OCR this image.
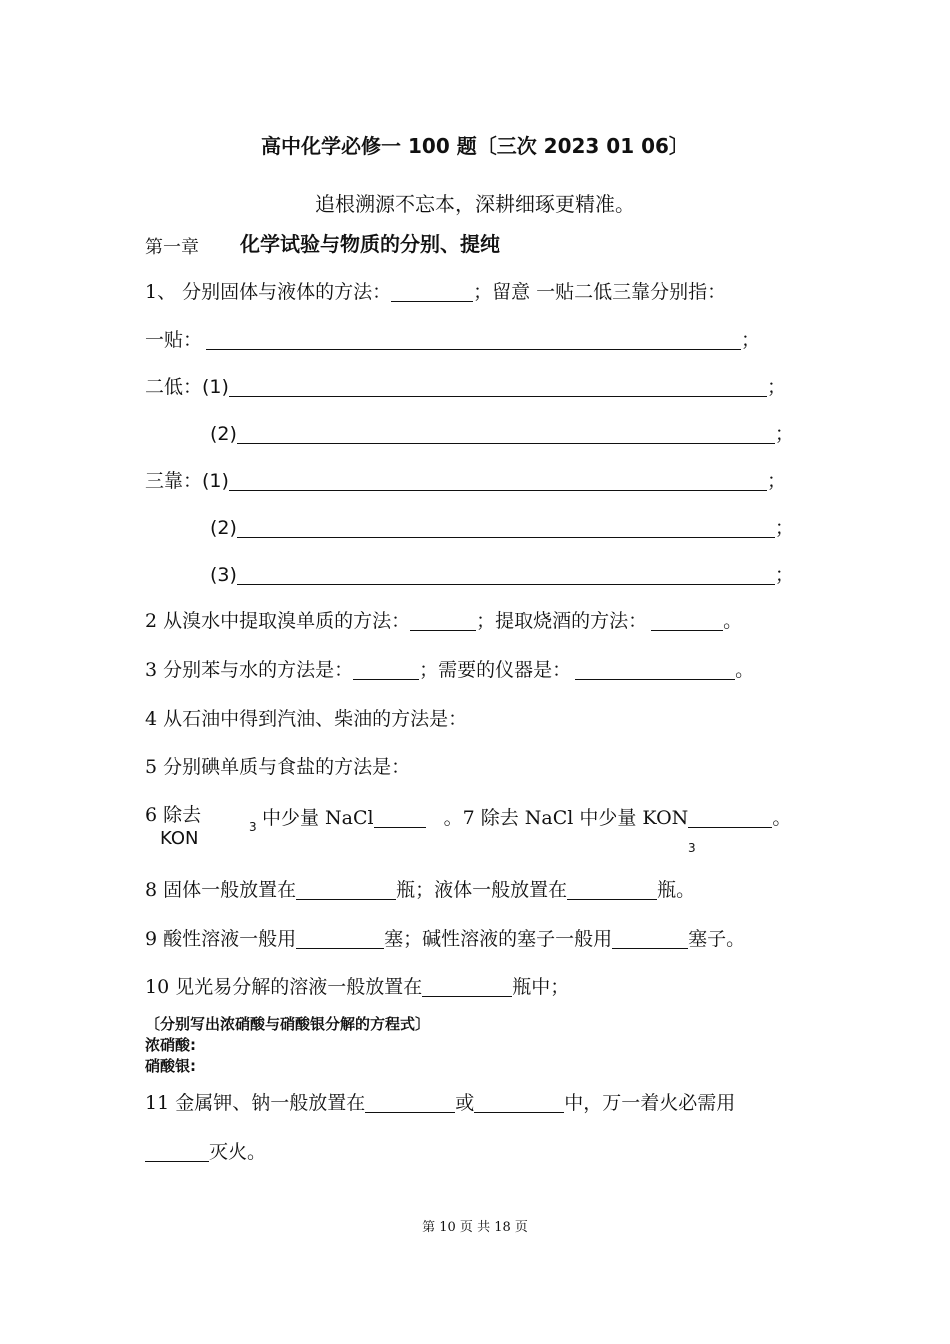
高中化学必修一 100 题〔三次 2023 01 06〕
追根溯源不忘本，深耕细琢更精准。
第一章 化学试验与物质的分别、提纯
1、 分别固体与液体的方法：	；留意 一贴二低三靠分别指：
一贴：	；
二低：(1)	；
(2)	；
三靠：(1)	；
(2)	；
(3)	；
2 从溴水中提取溴单质的方法：	；提取烧酒的方法：	。
3 分别苯与水的方法是：	；需要的仪器是：	。
4 从石油中得到汽油、柴油的方法是：
5 分别碘单质与食盐的方法是：
6 除去
KON
3 中少量 NaCl	。7 除去 NaCl 中少量 KON	。
3
8 固体一般放置在	瓶；液体一般放置在	瓶。
9 酸性溶液一般用	塞；碱性溶液的塞子一般用	塞子。
10 见光易分解的溶液一般放置在	瓶中；
〔分别写出浓硝酸与硝酸银分解的方程式〕
浓硝酸:
硝酸银:
11 金属钾、钠一般放置在	或	中，万一着火必需用
灭火。
第 10 页 共 18 页
